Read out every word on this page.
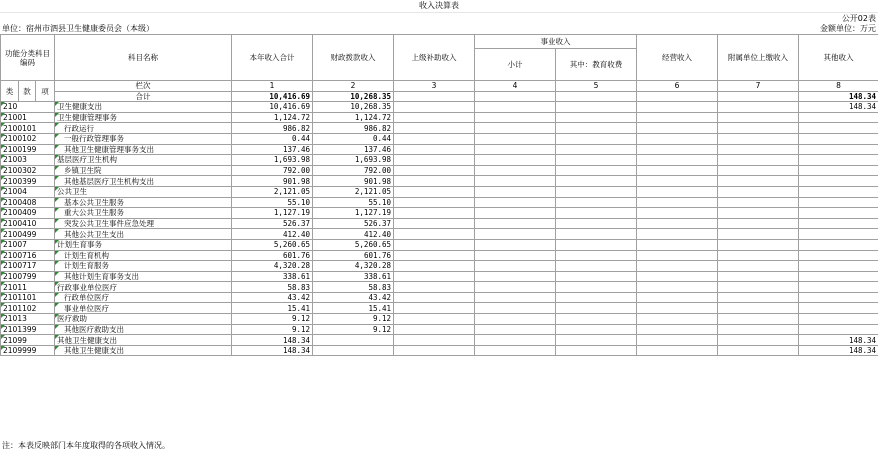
收入决算表
公开02表
单位：宿州市泗县卫生健康委员会（本级）	金额单位：万元
功能分类科目编码			科目名称	本年收入合计	财政拨款收入	上级补助收入	事业收入		经营收入	附属单位上缴收入	其他收入
							小计	其中：教育收费			
类	款	项	栏次	1	2	3	4	5	6	7	8
			合计	10,416.69	10,268.35						148.34
210			卫生健康支出	10,416.69	10,268.35						148.34
21001			卫生健康管理事务	1,124.72	1,124.72						
2100101			行政运行	986.82	986.82						
2100102			一般行政管理事务	0.44	0.44						
2100199			其他卫生健康管理事务支出	137.46	137.46						
21003			基层医疗卫生机构	1,693.98	1,693.98						
2100302			乡镇卫生院	792.00	792.00						
2100399			其他基层医疗卫生机构支出	901.98	901.98						
21004			公共卫生	2,121.05	2,121.05						
2100408			基本公共卫生服务	55.10	55.10						
2100409			重大公共卫生服务	1,127.19	1,127.19						
2100410			突发公共卫生事件应急处理	526.37	526.37						
2100499			其他公共卫生支出	412.40	412.40						
21007			计划生育事务	5,260.65	5,260.65						
2100716			计划生育机构	601.76	601.76						
2100717			计划生育服务	4,320.28	4,320.28						
2100799			其他计划生育事务支出	338.61	338.61						
21011			行政事业单位医疗	58.83	58.83						
2101101			行政单位医疗	43.42	43.42						
2101102			事业单位医疗	15.41	15.41						
21013			医疗救助	9.12	9.12						
2101399			其他医疗救助支出	9.12	9.12						
21099			其他卫生健康支出	148.34							148.34
2109999			其他卫生健康支出	148.34							148.34
注：本表反映部门本年度取得的各项收入情况。
